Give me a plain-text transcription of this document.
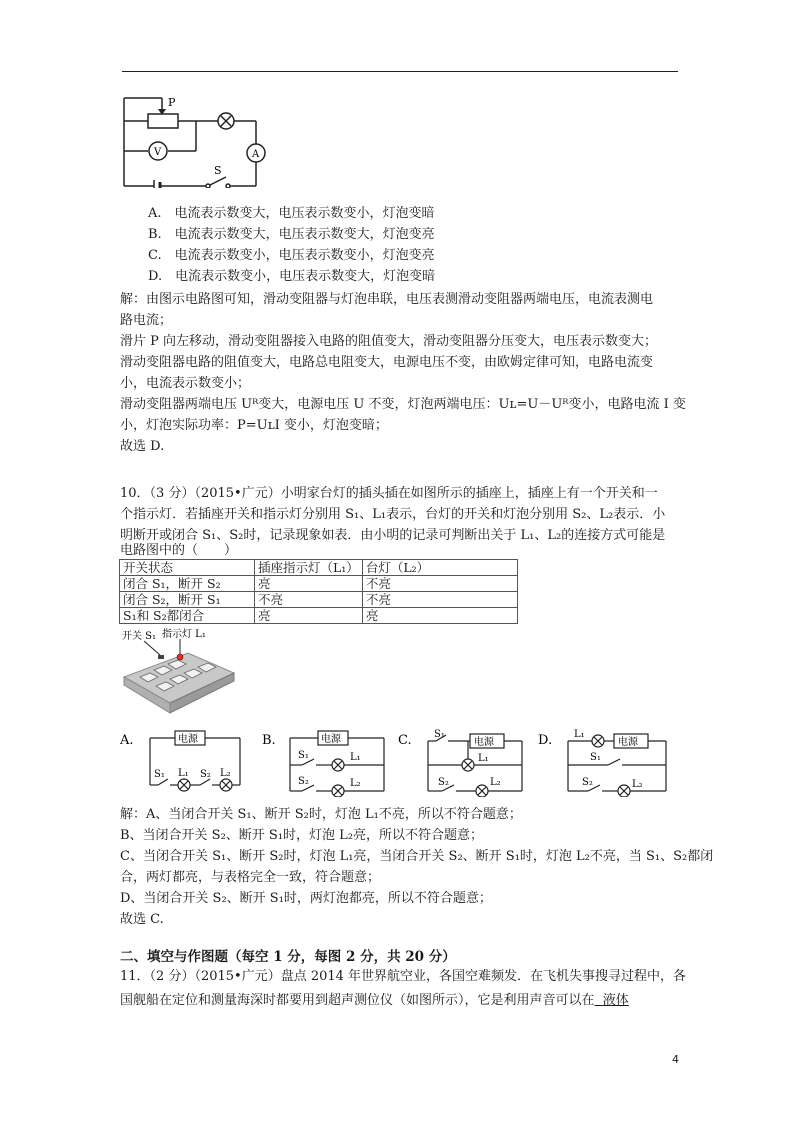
P
V	A
S
A.　电流表示数变大，电压表示数变小，灯泡变暗
B.　电流表示数变大，电压表示数变大，灯泡变亮
C.　电流表示数变小，电压表示数变小，灯泡变亮
D.　电流表示数变小，电压表示数变大，灯泡变暗
解：由图示电路图可知，滑动变阻器与灯泡串联，电压表测滑动变阻器两端电压，电流表测电
路电流；
滑片 P 向左移动，滑动变阻器接入电路的阻值变大，滑动变阻器分压变大，电压表示数变大；
滑动变阻器电路的阻值变大，电路总电阻变大，电源电压不变，由欧姆定律可知，电路电流变
小，电流表示数变小；
滑动变阻器两端电压 Uᴿ变大，电源电压 U 不变，灯泡两端电压：Uʟ=U－Uᴿ变小，电路电流 I 变
小，灯泡实际功率：P=UʟI 变小，灯泡变暗；
故选 D.
10．（3 分）（2015•广元）小明家台灯的插头插在如图所示的插座上，插座上有一个开关和一
个指示灯．若插座开关和指示灯分别用 S₁、L₁表示，台灯的开关和灯泡分别用 S₂、L₂表示．小
明断开或闭合 S₁、S₂时，记录现象如表．由小明的记录可判断出关于 L₁、L₂的连接方式可能是
电路图中的（　　）
开关状态	插座指示灯（L₁）	台灯（L₂）
闭合 S₁，断开 S₂	亮	不亮
闭合 S₂，断开 S₁	不亮	不亮
S₁和 S₂都闭合	亮	亮
开关 S₁ 指示灯 L₁
A.	电源
S₁ L₁ S₂ L₂
B.	电源
S₁	L₁
S₂	L₂
C.	电源
S₁
L₁
S₂	L₂
D.	电源
L₁
S₁
S₂	L₂
解：A、当闭合开关 S₁、断开 S₂时，灯泡 L₁不亮，所以不符合题意；
B、当闭合开关 S₂、断开 S₁时，灯泡 L₂亮，所以不符合题意；
C、当闭合开关 S₁、断开 S₂时，灯泡 L₁亮，当闭合开关 S₂、断开 S₁时，灯泡 L₂不亮，当 S₁、S₂都闭
合，两灯都亮，与表格完全一致，符合题意；
D、当闭合开关 S₂、断开 S₁时，两灯泡都亮，所以不符合题意；
故选 C.
二、填空与作图题（每空 1 分，每图 2 分，共 20 分）
11．（2 分）（2015•广元）盘点 2014 年世界航空业，各国空难频发．在飞机失事搜寻过程中，各
国舰船在定位和测量海深时都要用到超声测位仪（如图所示），它是利用声音可以在 液体
4
